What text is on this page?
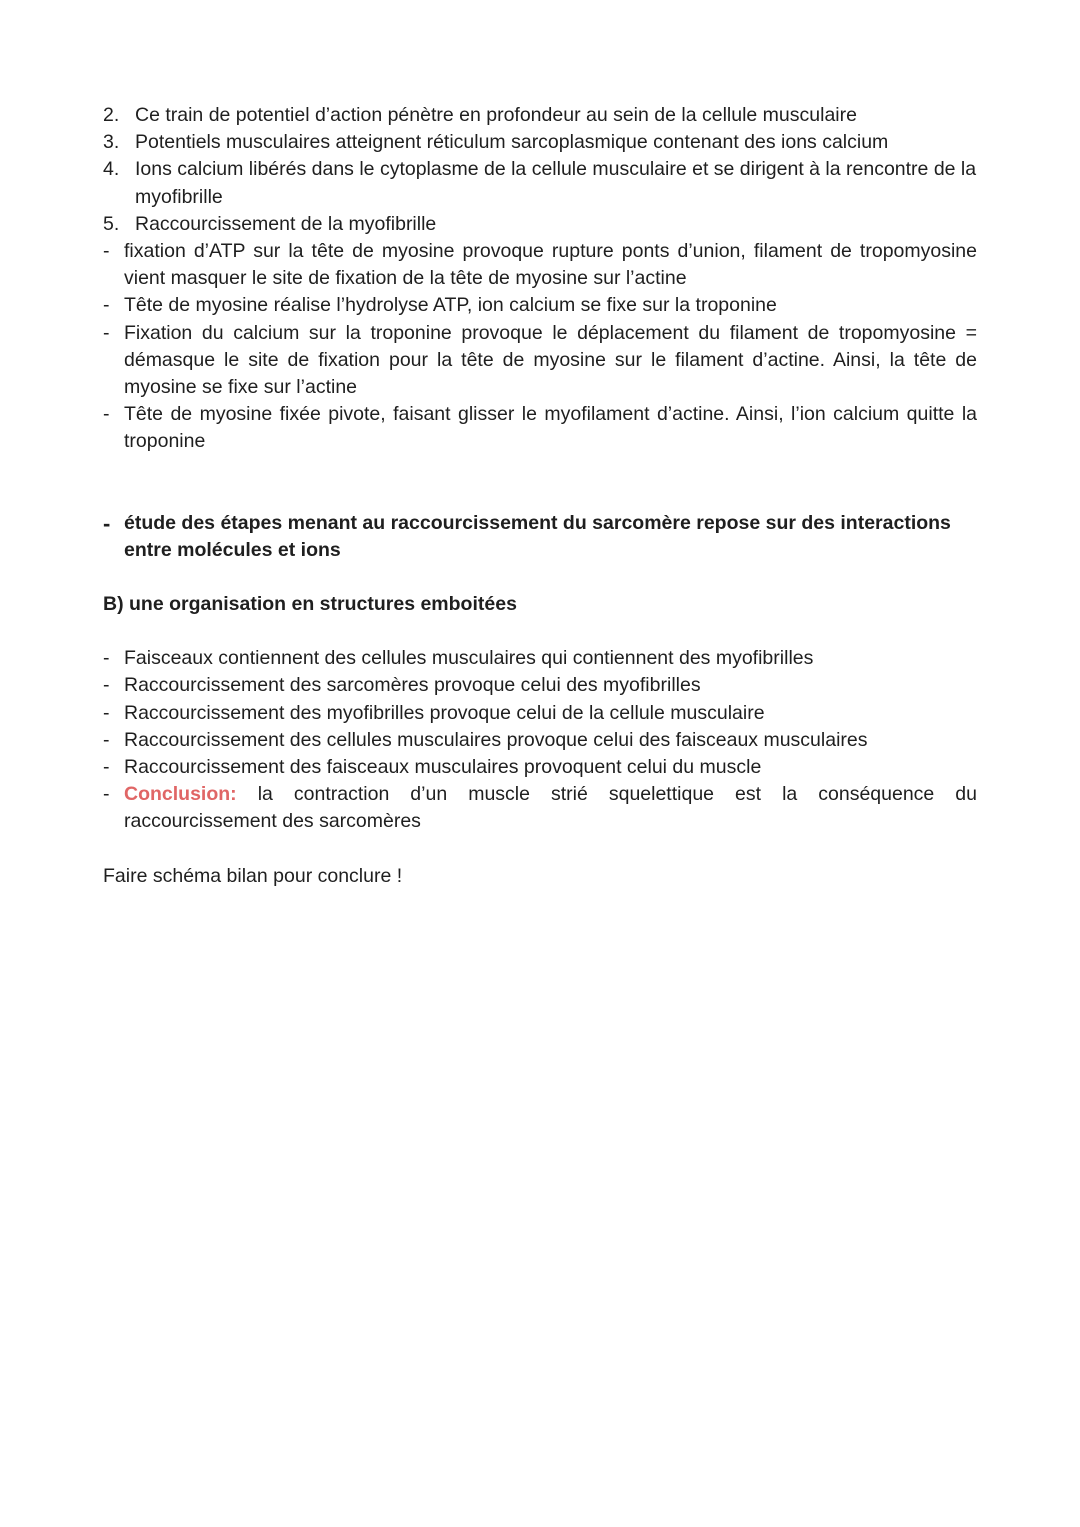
2. Ce train de potentiel d’action pénètre en profondeur au sein de la cellule musculaire
3. Potentiels musculaires atteignent réticulum sarcoplasmique contenant des ions calcium
4. Ions calcium libérés dans le cytoplasme de la cellule musculaire et se dirigent à la rencontre de la myofibrille
5. Raccourcissement de la myofibrille
- fixation d’ATP sur la tête de myosine provoque rupture ponts d’union, filament de tropomyosine vient masquer le site de fixation de la tête de myosine sur l’actine
- Tête de myosine réalise l’hydrolyse ATP, ion calcium se fixe sur la troponine
- Fixation du calcium sur la troponine provoque le déplacement du filament de tropomyosine = démasque le site de fixation pour la tête de myosine sur le filament d’actine. Ainsi, la tête de myosine se fixe sur l’actine
- Tête de myosine fixée pivote, faisant glisser le myofilament d’actine. Ainsi, l’ion calcium quitte la troponine
- étude des étapes menant au raccourcissement du sarcomère repose sur des interactions entre molécules et ions
B) une organisation en structures emboitées
- Faisceaux contiennent des cellules musculaires qui contiennent des myofibrilles
- Raccourcissement des sarcomères provoque celui des myofibrilles
- Raccourcissement des myofibrilles provoque celui de la cellule musculaire
- Raccourcissement des cellules musculaires provoque celui des faisceaux musculaires
- Raccourcissement des faisceaux musculaires provoquent celui du muscle
- Conclusion: la contraction d’un muscle strié squelettique est la conséquence du raccourcissement des sarcomères
Faire schéma bilan pour conclure !
